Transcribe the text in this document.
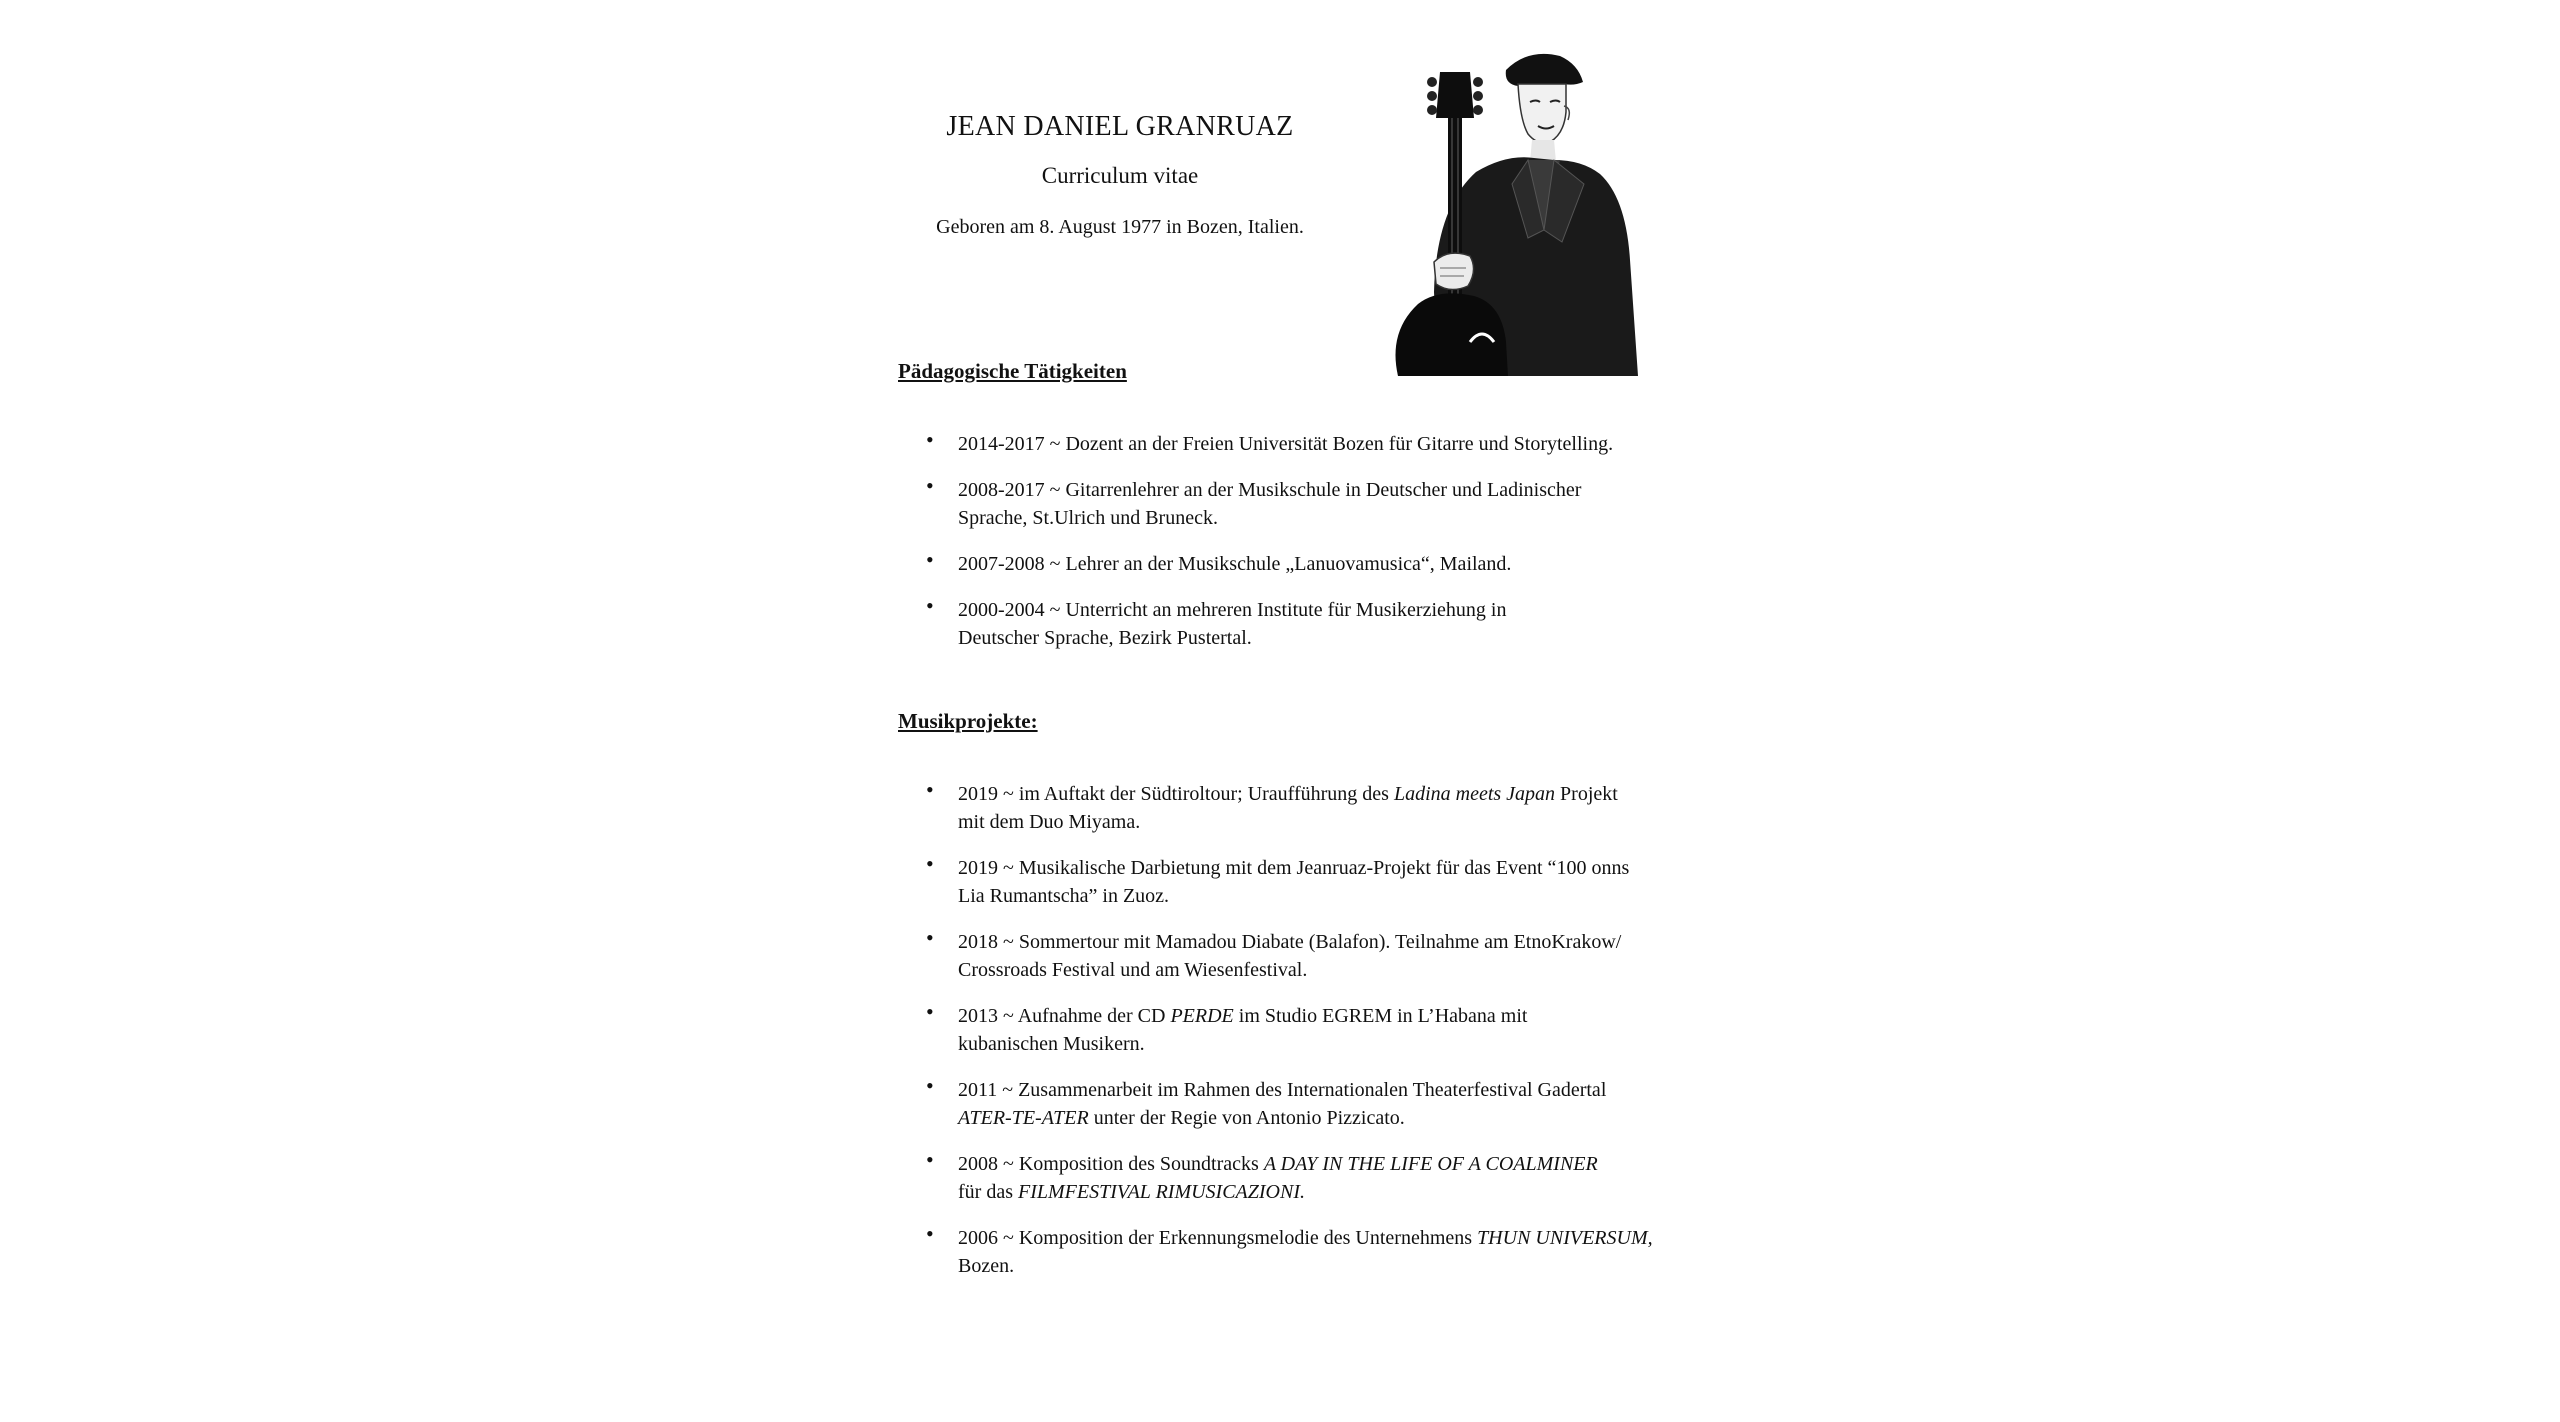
JEAN DANIEL GRANRUAZ
Curriculum vitae
Geboren am 8. August 1977 in Bozen, Italien.
Pädagogische Tätigkeiten
• 2014-2017 ~ Dozent an der Freien Universität Bozen für Gitarre und Storytelling.
• 2008-2017 ~ Gitarrenlehrer an der Musikschule in Deutscher und Ladinischer
Sprache, St.Ulrich und Bruneck.
• 2007-2008 ~ Lehrer an der Musikschule „Lanuovamusica“, Mailand.
• 2000-2004 ~ Unterricht an mehreren Institute für Musikerziehung in
Deutscher Sprache, Bezirk Pustertal.
Musikprojekte:
• 2019 ~ im Auftakt der Südtiroltour; Uraufführung des Ladina meets Japan Projekt
mit dem Duo Miyama.
• 2019 ~ Musikalische Darbietung mit dem Jeanruaz-Projekt für das Event “100 onns
Lia Rumantscha” in Zuoz.
• 2018 ~ Sommertour mit Mamadou Diabate (Balafon). Teilnahme am EtnoKrakow/
Crossroads Festival und am Wiesenfestival.
• 2013 ~ Aufnahme der CD PERDE im Studio EGREM in L’Habana mit
kubanischen Musikern.
• 2011 ~ Zusammenarbeit im Rahmen des Internationalen Theaterfestival Gadertal
ATER-TE-ATER unter der Regie von Antonio Pizzicato.
• 2008 ~ Komposition des Soundtracks A DAY IN THE LIFE OF A COALMINER
für das FILMFESTIVAL RIMUSICAZIONI.
• 2006 ~ Komposition der Erkennungsmelodie des Unternehmens THUN UNIVERSUM,
Bozen.
